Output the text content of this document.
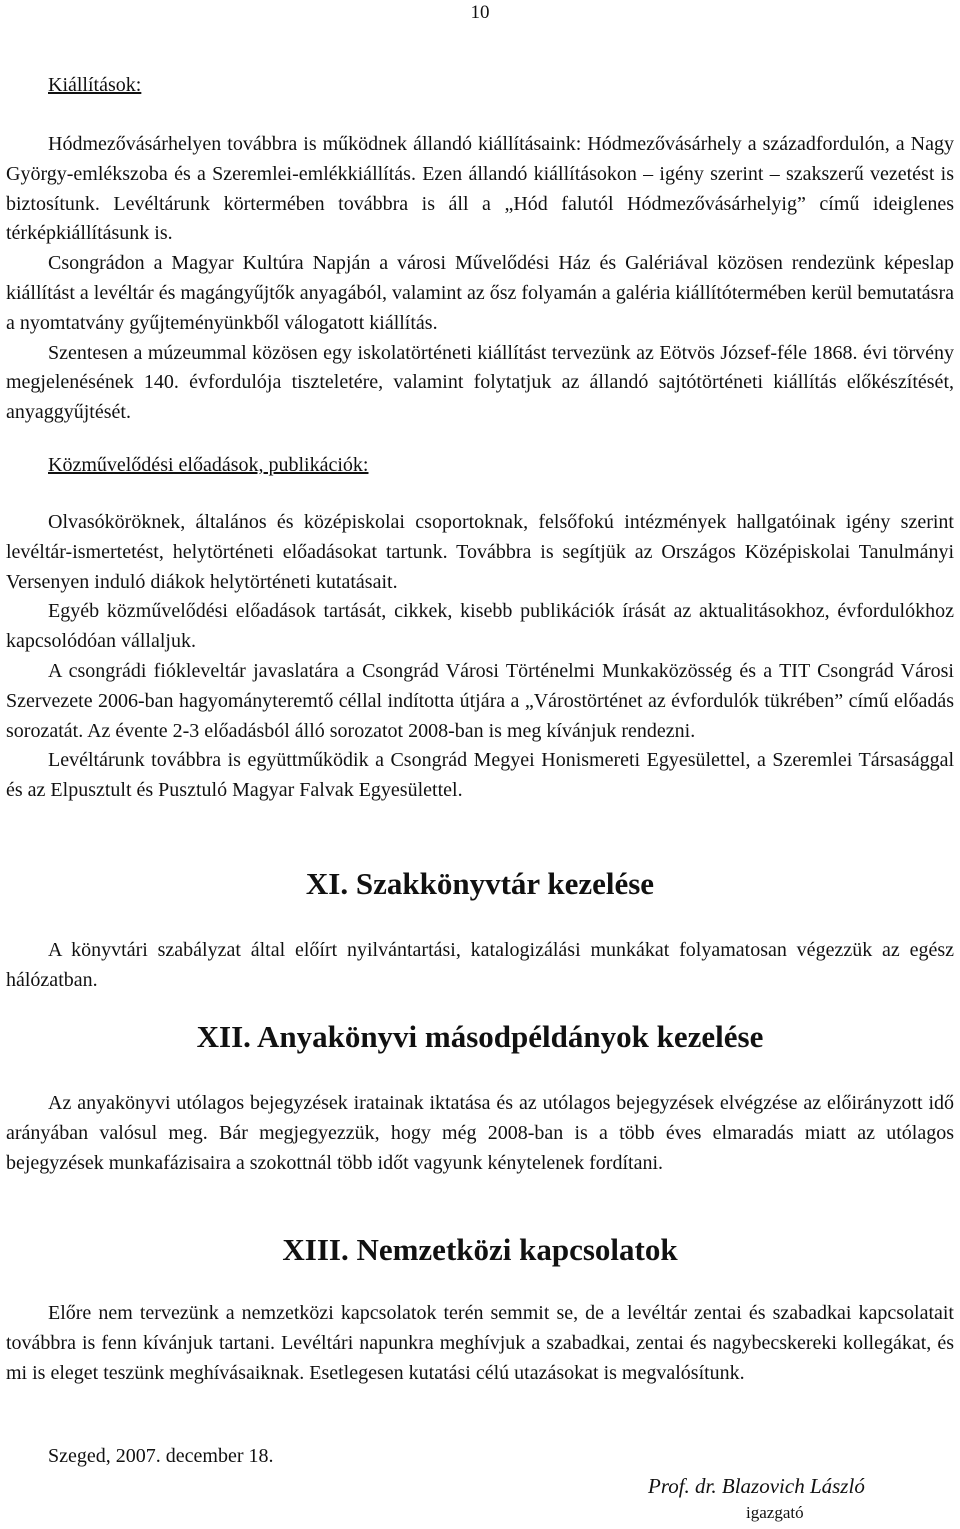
10
Kiállítások:

Hódmezővásárhelyen továbbra is működnek állandó kiállításaink: Hódmezővásárhely a századfordulón, a Nagy György-emlékszoba és a Szeremlei-emlékkiállítás. Ezen állandó kiállításokon – igény szerint – szakszerű vezetést is biztosítunk. Levéltárunk körtermében továbbra is áll a „Hód falutól Hódmezővásárhelyig” című ideiglenes térképkiállításunk is.

Csongrádon a Magyar Kultúra Napján a városi Művelődési Ház és Galériával közösen rendezünk képeslap kiállítást a levéltár és magángyűjtők anyagából, valamint az ősz folyamán a galéria kiállítótermében kerül bemutatásra a nyomtatvány gyűjteményünkből válogatott kiállítás.

Szentesen a múzeummal közösen egy iskolatörténeti kiállítást tervezünk az Eötvös József-féle 1868. évi törvény megjelenésének 140. évfordulója tiszteletére, valamint folytatjuk az állandó sajtótörténeti kiállítás előkészítését, anyaggyűjtését.

Közművelődési előadások, publikációk:

Olvasóköröknek, általános és középiskolai csoportoknak, felsőfokú intézmények hallgatóinak igény szerint levéltár-ismertetést, helytörténeti előadásokat tartunk. Továbbra is segítjük az Országos Középiskolai Tanulmányi Versenyen induló diákok helytörténeti kutatásait.

Egyéb közművelődési előadások tartását, cikkek, kisebb publikációk írását az aktualitásokhoz, évfordulókhoz kapcsolódóan vállaljuk.

A csongrádi fiókleveltár javaslatára a Csongrád Városi Történelmi Munkaközösség és a TIT Csongrád Városi Szervezete 2006-ban hagyományteremtő céllal indította útjára a „Várostörténet az évfordulók tükrében” című előadás sorozatát. Az évente 2-3 előadásból álló sorozatot 2008-ban is meg kívánjuk rendezni.

Levéltárunk továbbra is együttműködik a Csongrád Megyei Honismereti Egyesülettel, a Szeremlei Társasággal és az Elpusztult és Pusztuló Magyar Falvak Egyesülettel.

XI. Szakkönyvtár kezelése

A könyvtári szabályzat által előírt nyilvántartási, katalogizálási munkákat folyamatosan végezzük az egész hálózatban.

XII. Anyakönyvi másodpéldányok kezelése

Az anyakönyvi utólagos bejegyzések iratainak iktatása és az utólagos bejegyzések elvégzése az előirányzott idő arányában valósul meg. Bár megjegyezzük, hogy még 2008-ban is a több éves elmaradás miatt az utólagos bejegyzések munkafázisaira a szokottnál több időt vagyunk kénytelenek fordítani.

XIII. Nemzetközi kapcsolatok

Előre nem tervezünk a nemzetközi kapcsolatok terén semmit se, de a levéltár zentai és szabadkai kapcsolatait továbbra is fenn kívánjuk tartani. Levéltári napunkra meghívjuk a szabadkai, zentai és nagybecskereki kollegákat, és mi is eleget teszünk meghívásaiknak. Esetlegesen kutatási célú utazásokat is megvalósítunk.

Szeged, 2007. december 18.
Prof. dr. Blazovich László
igazgató
